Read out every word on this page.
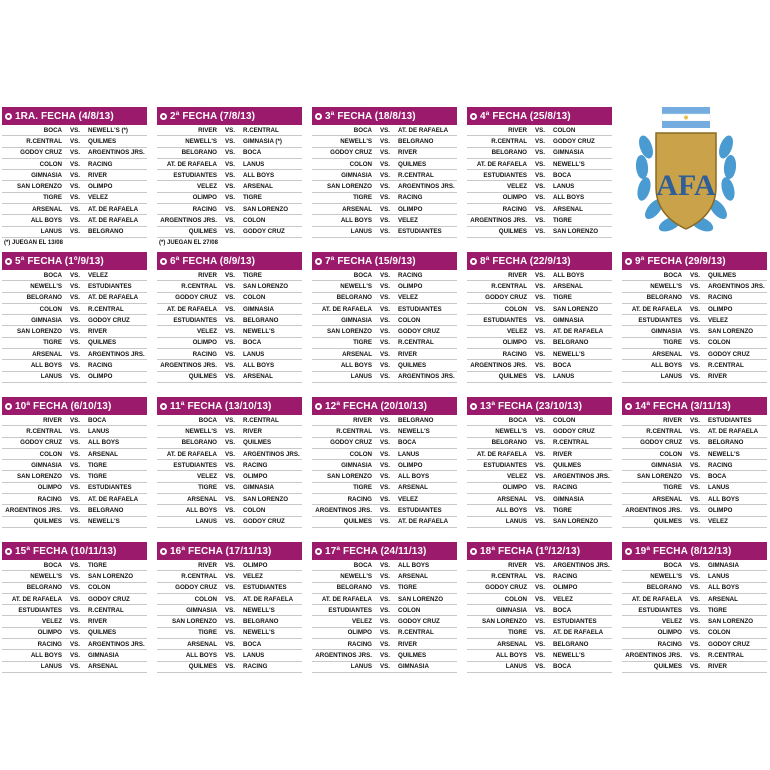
1RA. FECHA (4/8/13)
BOCA	VS.	NEWELL'S (*)
R.CENTRAL	VS.	QUILMES
GODOY CRUZ	VS.	ARGENTINOS JRS.
COLON	VS.	RACING
GIMNASIA	VS.	RIVER
SAN LORENZO	VS.	OLIMPO
TIGRE	VS.	VELEZ
ARSENAL	VS.	AT. DE RAFAELA
ALL BOYS	VS.	AT. DE RAFAELA
LANUS	VS.	BELGRANO
(*) JUEGAN EL 13/08
2ª FECHA (7/8/13)
RIVER	VS.	R.CENTRAL
NEWELL'S	VS.	GIMNASIA (*)
BELGRANO	VS.	BOCA
AT. DE RAFAELA	VS.	LANUS
ESTUDIANTES	VS.	ALL BOYS
VELEZ	VS.	ARSENAL
OLIMPO	VS.	TIGRE
RACING	VS.	SAN LORENZO
ARGENTINOS JRS.	VS.	COLON
QUILMES	VS.	GODOY CRUZ
(*) JUEGAN EL 27/08
3ª FECHA (18/8/13)
BOCA	VS.	AT. DE RAFAELA
NEWELL'S	VS.	BELGRANO
GODOY CRUZ	VS.	RIVER
COLON	VS.	QUILMES
GIMNASIA	VS.	R.CENTRAL
SAN LORENZO	VS.	ARGENTINOS JRS.
TIGRE	VS.	RACING
ARSENAL	VS.	OLIMPO
ALL BOYS	VS.	VELEZ
LANÚS	VS.	ESTUDIANTES
4ª FECHA (25/8/13)
RIVER	VS.	COLON
R.CENTRAL	VS.	GODOY CRUZ
BELGRANO	VS.	GIMNASIA
AT. DE RAFAELA	VS.	NEWELL'S
ESTUDIANTES	VS.	BOCA
VELEZ	VS.	LANUS
OLIMPO	VS.	ALL BOYS
RACING	VS.	ARSENAL
ARGENTINOS JRS.	VS.	TIGRE
QUILMES	VS.	SAN LORENZO
5ª FECHA (1º/9/13)
BOCA	VS.	VELEZ
NEWELL'S	VS.	ESTUDIANTES
BELGRANO	VS.	AT. DE RAFAELA
COLON	VS.	R.CENTRAL
GIMNASIA	VS.	GODOY CRUZ
SAN LORENZO	VS.	RIVER
TIGRE	VS.	QUILMES
ARSENAL	VS.	ARGENTINOS JRS.
ALL BOYS	VS.	RACING
LANUS	VS.	OLIMPO
6ª FECHA (8/9/13)
RIVER	VS.	TIGRE
R.CENTRAL	VS.	SAN LORENZO
GODOY CRUZ	VS.	COLON
AT. DE RAFAELA	VS.	GIMNASIA
ESTUDIANTES	VS.	BELGRANO
VELEZ	VS.	NEWELL'S
OLIMPO	VS.	BOCA
RACING	VS.	LANUS
ARGENTINOS JRS.	VS.	ALL BOYS
QUILMES	VS.	ARSENAL
7ª FECHA (15/9/13)
BOCA	VS.	RACING
NEWELL'S	VS.	OLIMPO
BELGRANO	VS.	VELEZ
AT. DE RAFAELA	VS.	ESTUDIANTES
GIMNASIA	VS.	COLON
SAN LORENZO	VS.	GODOY CRUZ
TIGRE	VS.	R.CENTRAL
ARSENAL	VS.	RIVER
ALL BOYS	VS.	QUILMES
LANUS	VS.	ARGENTINOS JRS.
8ª FECHA (22/9/13)
RIVER	VS.	ALL BOYS
R.CENTRAL	VS.	ARSENAL
GODOY CRUZ	VS.	TIGRE
COLON	VS.	SAN LORENZO
ESTUDIANTES	VS.	GIMNASIA
VELEZ	VS.	AT. DE RAFAELA
OLIMPO	VS.	BELGRANO
RACING	VS.	NEWELL'S
ARGENTINOS JRS.	VS.	BOCA
QUILMES	VS.	LANÚS
9ª FECHA (29/9/13)
BOCA	VS.	QUILMES
NEWELL'S	VS.	ARGENTINOS JRS.
BELGRANO	VS.	RACING
AT. DE RAFAELA	VS.	OLIMPO
ESTUDIANTES	VS.	VELEZ
GIMNASIA	VS.	SAN LORENZO
TIGRE	VS.	COLON
ARSENAL	VS.	GODOY CRUZ
ALL BOYS	VS.	R.CENTRAL
LANUS	VS.	RIVER
10ª FECHA (6/10/13)
RIVER	VS.	BOCA
R.CENTRAL	VS.	LANUS
GODOY CRUZ	VS.	ALL BOYS
COLON	VS.	ARSENAL
GIMNASIA	VS.	TIGRE
SAN LORENZO	VS.	TIGRE
OLIMPO	VS.	ESTUDIANTES
RACING	VS.	AT. DE RAFAELA
ARGENTINOS JRS.	VS.	BELGRANO
QUILMES	VS.	NEWELL'S
11ª FECHA (13/10/13)
BOCA	VS.	R.CENTRAL
NEWELL'S	VS.	RIVER
BELGRANO	VS.	QUILMES
AT. DE RAFAELA	VS.	ARGENTINOS JRS.
ESTUDIANTES	VS.	RACING
VELEZ	VS.	OLIMPO
TIGRE	VS.	GIMNASIA
ARSENAL	VS.	SAN LORENZO
ALL BOYS	VS.	COLON
LANUS	VS.	GODOY CRUZ
12ª FECHA (20/10/13)
RIVER	VS.	BELGRANO
R.CENTRAL	VS.	NEWELL'S
GODOY CRUZ	VS.	BOCA
COLON	VS.	LANUS
GIMNASIA	VS.	OLIMPO
SAN LORENZO	VS.	ALL BOYS
TIGRE	VS.	ARSENAL
RACING	VS.	VELEZ
ARGENTINOS JRS.	VS.	ESTUDIANTES
QUILMES	VS.	AT. DE RAFAELA
13ª FECHA (23/10/13)
BOCA	VS.	COLON
NEWELL'S	VS.	GODOY CRUZ
BELGRANO	VS.	R.CENTRAL
AT. DE RAFAELA	VS.	RIVER
ESTUDIANTES	VS.	QUILMES
VELEZ	VS.	ARGENTINOS JRS.
OLIMPO	VS.	RACING
ARSENAL	VS.	GIMNASIA
ALL BOYS	VS.	TIGRE
LANUS	VS.	SAN LORENZO
14ª FECHA (3/11/13)
RIVER	VS.	ESTUDIANTES
R.CENTRAL	VS.	AT. DE RAFAELA
GODOY CRUZ	VS.	BELGRANO
COLON	VS.	NEWELL'S
GIMNASIA	VS.	RACING
SAN LORENZO	VS.	BOCA
TIGRE	VS.	LANUS
ARSENAL	VS.	ALL BOYS
ARGENTINOS JRS.	VS.	OLIMPO
QUILMES	VS.	VELEZ
15ª FECHA (10/11/13)
BOCA	VS.	TIGRE
NEWELL'S	VS.	SAN LORENZO
BELGRANO	VS.	COLON
AT. DE RAFAELA	VS.	GODOY CRUZ
ESTUDIANTES	VS.	R.CENTRAL
VELEZ	VS.	RIVER
OLIMPO	VS.	QUILMES
RACING	VS.	ARGENTINOS JRS.
ALL BOYS	VS.	GIMNASIA
LANUS	VS.	ARSENAL
16ª FECHA (17/11/13)
RIVER	VS.	OLIMPO
R.CENTRAL	VS.	VELEZ
GODOY CRUZ	VS.	ESTUDIANTES
COLON	VS.	AT. DE RAFAELA
GIMNASIA	VS.	NEWELL'S
SAN LORENZO	VS.	BELGRANO
TIGRE	VS.	NEWELL'S
ARSENAL	VS.	BOCA
ALL BOYS	VS.	LANUS
QUILMES	VS.	RACING
17ª FECHA (24/11/13)
BOCA	VS.	ALL BOYS
NEWELL'S	VS.	ARSENAL
BELGRANO	VS.	TIGRE
AT. DE RAFAELA	VS.	SAN LORENZO
ESTUDIANTES	VS.	COLON
VELEZ	VS.	GODOY CRUZ
OLIMPO	VS.	R.CENTRAL
RACING	VS.	RIVER
ARGENTINOS JRS.	VS.	QUILMES
LANUS	VS.	GIMNASIA
18ª FECHA (1º/12/13)
RIVER	VS.	ARGENTINOS JRS.
R.CENTRAL	VS.	RACING
GODOY CRUZ	VS.	OLIMPO
COLON	VS.	VELEZ
GIMNASIA	VS.	BOCA
SAN LORENZO	VS.	ESTUDIANTES
TIGRE	VS.	AT. DE RAFAELA
ARSENAL	VS.	BELGRANO
ALL BOYS	VS.	NEWELL'S
LANUS	VS.	BOCA
19ª FECHA (8/12/13)
BOCA	VS.	GIMNASIA
NEWELL'S	VS.	LANUS
BELGRANO	VS.	ALL BOYS
AT. DE RAFAELA	VS.	ARSENAL
ESTUDIANTES	VS.	TIGRE
VELEZ	VS.	SAN LORENZO
OLIMPO	VS.	COLON
RACING	VS.	GODOY CRUZ
ARGENTINOS JRS.	VS.	R.CENTRAL
QUILMES	VS.	RIVER
AFA
